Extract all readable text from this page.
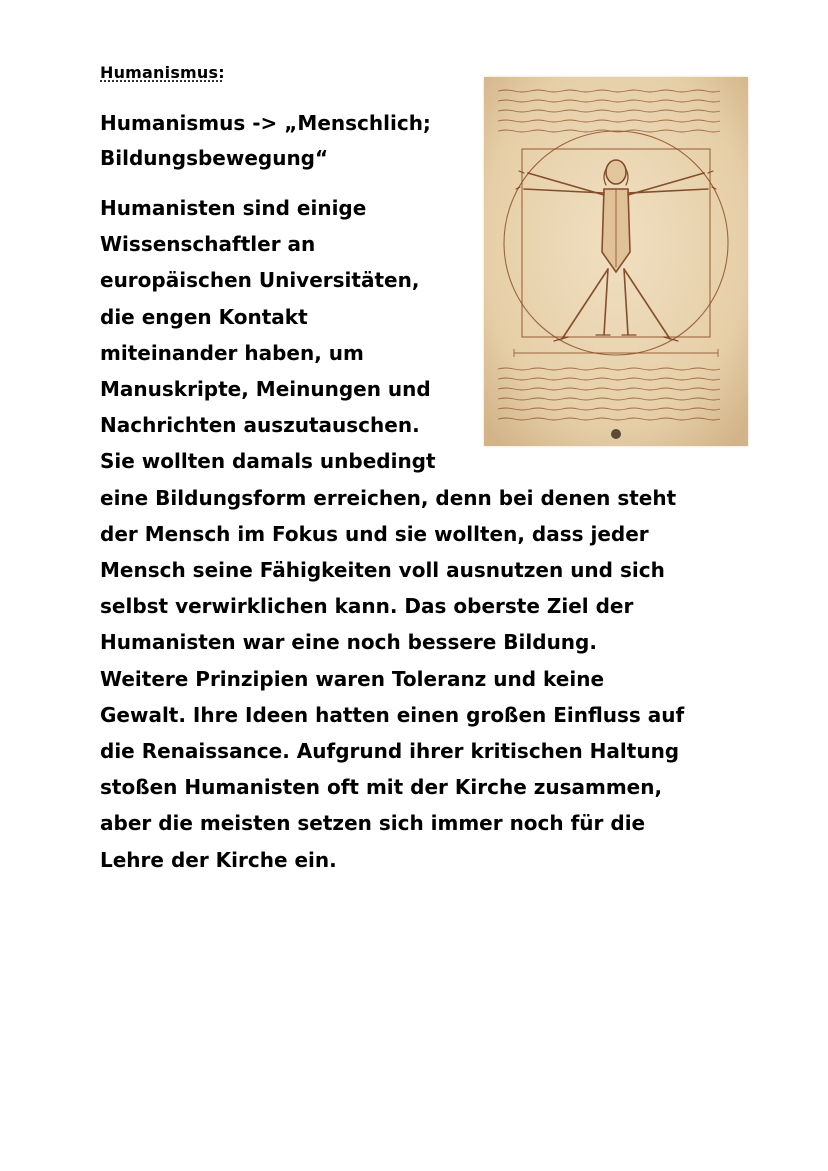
Humanismus:
Humanismus -> „Menschlich; Bildungsbewegung“
Humanisten sind einige
Wissenschaftler an
europäischen Universitäten,
die engen Kontakt
miteinander haben, um
Manuskripte, Meinungen und
Nachrichten auszutauschen.
Sie wollten damals unbedingt
eine Bildungsform erreichen, denn bei denen steht
der Mensch im Fokus und sie wollten, dass jeder
Mensch seine Fähigkeiten voll ausnutzen und sich
selbst verwirklichen kann. Das oberste Ziel der
Humanisten war eine noch bessere Bildung.
Weitere Prinzipien waren Toleranz und keine
Gewalt. Ihre Ideen hatten einen großen Einfluss auf
die Renaissance. Aufgrund ihrer kritischen Haltung
stoßen Humanisten oft mit der Kirche zusammen,
aber die meisten setzen sich immer noch für die
Lehre der Kirche ein.
